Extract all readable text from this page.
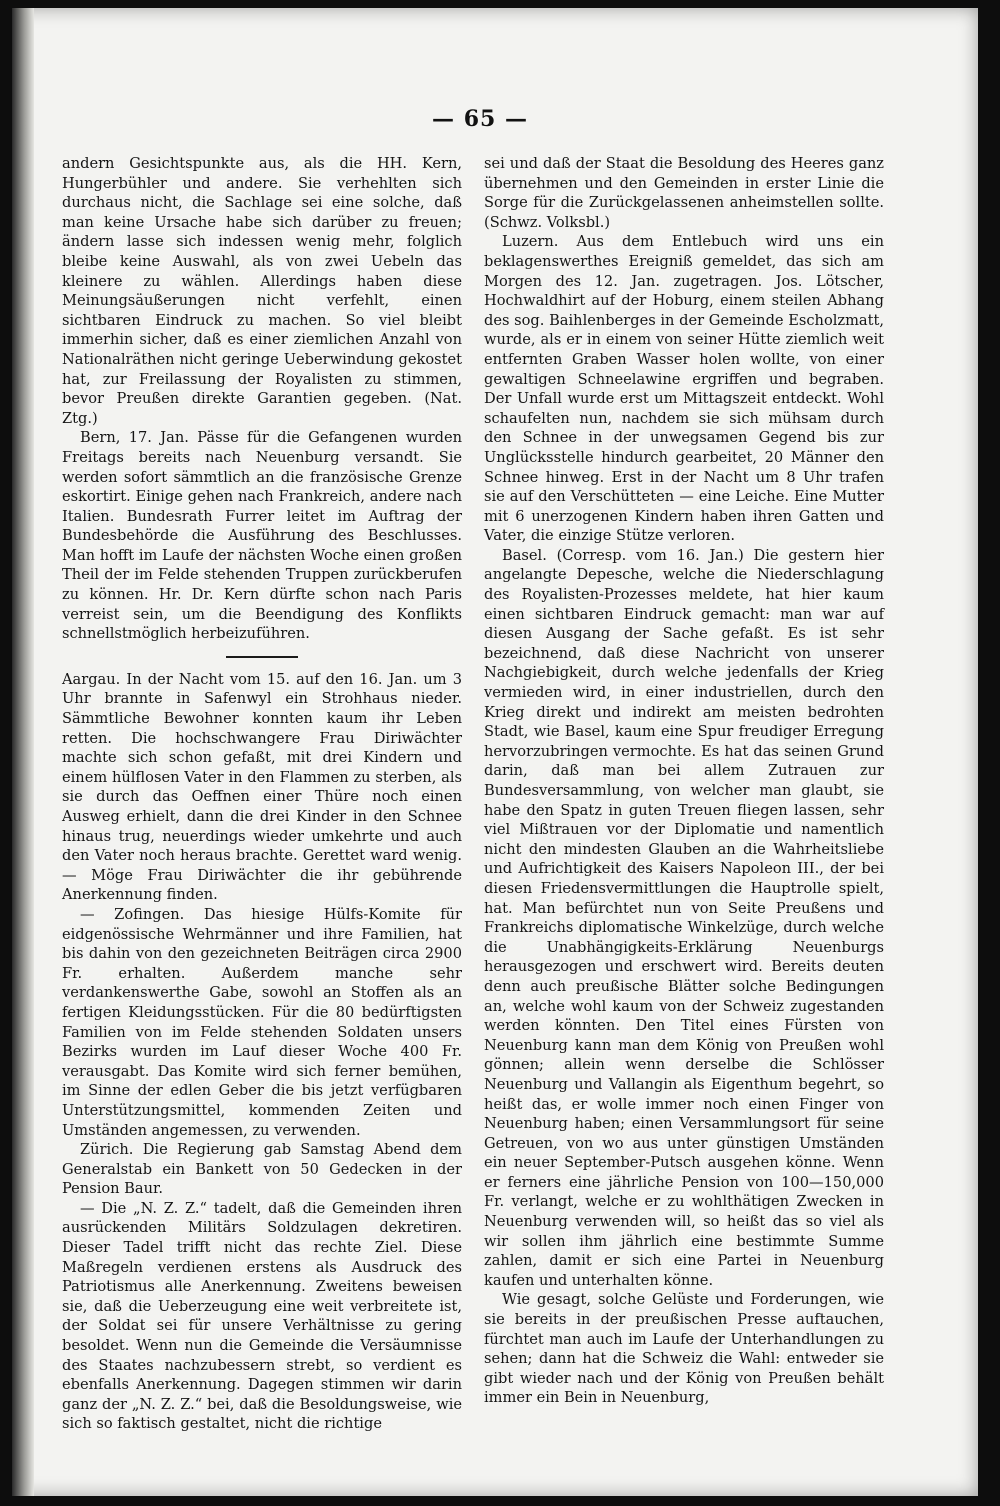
— 65 —

andern Gesichtspunkte aus, als die HH. Kern, Hungerbühler und andere. Sie verhehlten sich durchaus nicht, die Sachlage sei eine solche, daß man keine Ursache habe sich darüber zu freuen; ändern lasse sich indessen wenig mehr, folglich bleibe keine Auswahl, als von zwei Uebeln das kleinere zu wählen. Allerdings haben diese Meinungsäußerungen nicht verfehlt, einen sichtbaren Eindruck zu machen. So viel bleibt immerhin sicher, daß es einer ziemlichen Anzahl von Nationalräthen nicht geringe Ueberwindung gekostet hat, zur Freilassung der Royalisten zu stimmen, bevor Preußen direkte Garantien gegeben. (Nat. Ztg.)

Bern, 17. Jan. Pässe für die Gefangenen wurden Freitags bereits nach Neuenburg versandt. Sie werden sofort sämmtlich an die französische Grenze eskortirt. Einige gehen nach Frankreich, andere nach Italien. Bundesrath Furrer leitet im Auftrag der Bundesbehörde die Ausführung des Beschlusses. Man hofft im Laufe der nächsten Woche einen großen Theil der im Felde stehenden Truppen zurückberufen zu können. Hr. Dr. Kern dürfte schon nach Paris verreist sein, um die Beendigung des Konflikts schnellstmöglich herbeizuführen.

Aargau. In der Nacht vom 15. auf den 16. Jan. um 3 Uhr brannte in Safenwyl ein Strohhaus nieder. Sämmtliche Bewohner konnten kaum ihr Leben retten. Die hochschwangere Frau Diriwächter machte sich schon gefaßt, mit drei Kindern und einem hülflosen Vater in den Flammen zu sterben, als sie durch das Oeffnen einer Thüre noch einen Ausweg erhielt, dann die drei Kinder in den Schnee hinaus trug, neuerdings wieder umkehrte und auch den Vater noch heraus brachte. Gerettet ward wenig. — Möge Frau Diriwächter die ihr gebührende Anerkennung finden.

— Zofingen. Das hiesige Hülfs-Komite für eidgenössische Wehrmänner und ihre Familien, hat bis dahin von den gezeichneten Beiträgen circa 2900 Fr. erhalten. Außerdem manche sehr verdankenswerthe Gabe, sowohl an Stoffen als an fertigen Kleidungsstücken. Für die 80 bedürftigsten Familien von im Felde stehenden Soldaten unsers Bezirks wurden im Lauf dieser Woche 400 Fr. verausgabt. Das Komite wird sich ferner bemühen, im Sinne der edlen Geber die bis jetzt verfügbaren Unterstützungsmittel, kommenden Zeiten und Umständen angemessen, zu verwenden.

Zürich. Die Regierung gab Samstag Abend dem Generalstab ein Bankett von 50 Gedecken in der Pension Baur.

— Die „N. Z. Z.“ tadelt, daß die Gemeinden ihren ausrückenden Militärs Soldzulagen dekretiren. Dieser Tadel trifft nicht das rechte Ziel. Diese Maßregeln verdienen erstens als Ausdruck des Patriotismus alle Anerkennung. Zweitens beweisen sie, daß die Ueberzeugung eine weit verbreitete ist, der Soldat sei für unsere Verhältnisse zu gering besoldet. Wenn nun die Gemeinde die Versäumnisse des Staates nachzubessern strebt, so verdient es ebenfalls Anerkennung. Dagegen stimmen wir darin ganz der „N. Z. Z.“ bei, daß die Besoldungsweise, wie sich so faktisch gestaltet, nicht die richtige

sei und daß der Staat die Besoldung des Heeres ganz übernehmen und den Gemeinden in erster Linie die Sorge für die Zurückgelassenen anheimstellen sollte. (Schwz. Volksbl.)

Luzern. Aus dem Entlebuch wird uns ein beklagenswerthes Ereigniß gemeldet, das sich am Morgen des 12. Jan. zugetragen. Jos. Lötscher, Hochwaldhirt auf der Hoburg, einem steilen Abhang des sog. Baihlenberges in der Gemeinde Escholzmatt, wurde, als er in einem von seiner Hütte ziemlich weit entfernten Graben Wasser holen wollte, von einer gewaltigen Schneelawine ergriffen und begraben. Der Unfall wurde erst um Mittagszeit entdeckt. Wohl schaufelten nun, nachdem sie sich mühsam durch den Schnee in der unwegsamen Gegend bis zur Unglücksstelle hindurch gearbeitet, 20 Männer den Schnee hinweg. Erst in der Nacht um 8 Uhr trafen sie auf den Verschütteten — eine Leiche. Eine Mutter mit 6 unerzogenen Kindern haben ihren Gatten und Vater, die einzige Stütze verloren.

Basel. (Corresp. vom 16. Jan.) Die gestern hier angelangte Depesche, welche die Niederschlagung des Royalisten-Prozesses meldete, hat hier kaum einen sichtbaren Eindruck gemacht: man war auf diesen Ausgang der Sache gefaßt. Es ist sehr bezeichnend, daß diese Nachricht von unserer Nachgiebigkeit, durch welche jedenfalls der Krieg vermieden wird, in einer industriellen, durch den Krieg direkt und indirekt am meisten bedrohten Stadt, wie Basel, kaum eine Spur freudiger Erregung hervorzubringen vermochte. Es hat das seinen Grund darin, daß man bei allem Zutrauen zur Bundesversammlung, von welcher man glaubt, sie habe den Spatz in guten Treuen fliegen lassen, sehr viel Mißtrauen vor der Diplomatie und namentlich nicht den mindesten Glauben an die Wahrheitsliebe und Aufrichtigkeit des Kaisers Napoleon III., der bei diesen Friedensvermittlungen die Hauptrolle spielt, hat. Man befürchtet nun von Seite Preußens und Frankreichs diplomatische Winkelzüge, durch welche die Unabhängigkeits-Erklärung Neuenburgs herausgezogen und erschwert wird. Bereits deuten denn auch preußische Blätter solche Bedingungen an, welche wohl kaum von der Schweiz zugestanden werden könnten. Den Titel eines Fürsten von Neuenburg kann man dem König von Preußen wohl gönnen; allein wenn derselbe die Schlösser Neuenburg und Vallangin als Eigenthum begehrt, so heißt das, er wolle immer noch einen Finger von Neuenburg haben; einen Versammlungsort für seine Getreuen, von wo aus unter günstigen Umständen ein neuer September-Putsch ausgehen könne. Wenn er ferners eine jährliche Pension von 100—150,000 Fr. verlangt, welche er zu wohlthätigen Zwecken in Neuenburg verwenden will, so heißt das so viel als wir sollen ihm jährlich eine bestimmte Summe zahlen, damit er sich eine Partei in Neuenburg kaufen und unterhalten könne.

Wie gesagt, solche Gelüste und Forderungen, wie sie bereits in der preußischen Presse auftauchen, fürchtet man auch im Laufe der Unterhandlungen zu sehen; dann hat die Schweiz die Wahl: entweder sie gibt wieder nach und der König von Preußen behält immer ein Bein in Neuenburg,
